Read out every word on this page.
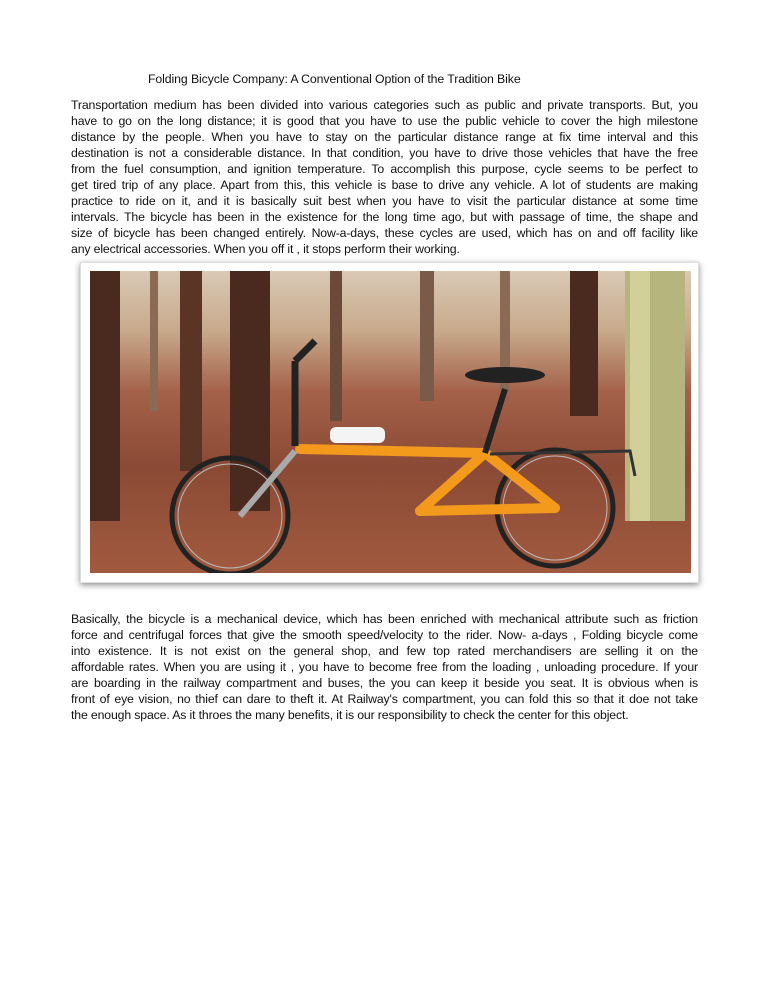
Folding Bicycle Company: A Conventional Option of the Tradition Bike
Transportation medium has been divided into various categories such as public and private transports. But, you
have to go on the long distance; it is good that you have to use the public vehicle to cover the high milestone
distance by the people. When you have to stay on the particular distance range at fix time interval and this
destination is not a considerable distance. In that condition, you have to drive those vehicles that have the free
from the fuel consumption, and ignition temperature. To accomplish this purpose, cycle seems to be perfect to
get tired trip of any place. Apart from this, this vehicle is base to drive any vehicle. A lot of students are making
practice to ride on it, and it is basically suit best when you have to visit the particular distance at some time
intervals. The bicycle has been in the existence for the long time ago, but with passage of time, the shape and
size of bicycle has been changed entirely. Now-a-days, these cycles are used, which has on and off facility like
any electrical accessories. When you off it , it stops perform their working.
Basically, the bicycle is a mechanical device, which has been enriched with mechanical attribute such as friction
force and centrifugal forces that give the smooth speed/velocity to the rider. Now- a-days , Folding bicycle come
into existence. It is not exist on the general shop, and few top rated merchandisers are selling it on the
affordable rates. When you are using it , you have to become free from the loading , unloading procedure. If your
are boarding in the railway compartment and buses, the you can keep it beside you seat. It is obvious when is
front of eye vision, no thief can dare to theft it. At Railway's compartment, you can fold this so that it doe not take
the enough space. As it throes the many benefits, it is our responsibility to check the center for this object.
